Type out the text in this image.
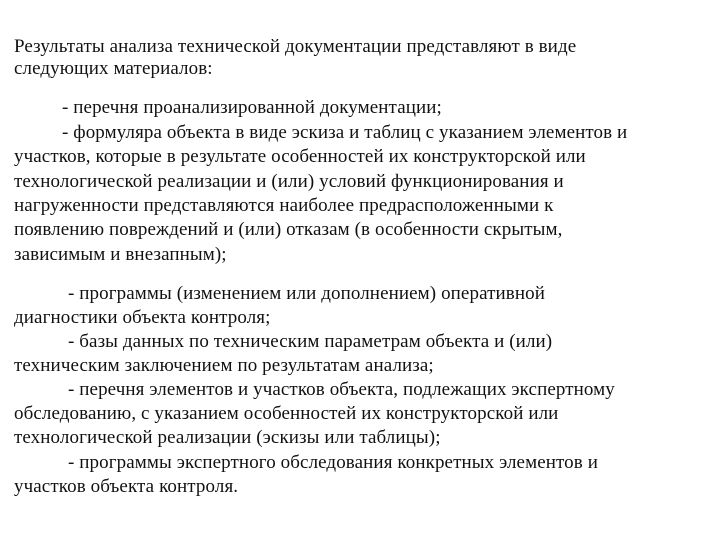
Результаты анализа технической документации представляют в виде
следующих материалов:
- перечня проанализированной документации;
- формуляра объекта в виде эскиза и таблиц с указанием элементов и
участков, которые в результате особенностей их конструкторской или
технологической реализации и (или) условий функционирования и
нагруженности представляются наиболее предрасположенными к
появлению повреждений и (или) отказам (в особенности скрытым,
зависимым и внезапным);
- программы (изменением или дополнением) оперативной
диагностики объекта контроля;
- базы данных по техническим параметрам объекта и (или)
техническим заключением по результатам анализа;
- перечня элементов и участков объекта, подлежащих экспертному
обследованию, с указанием особенностей их конструкторской или
технологической реализации (эскизы или таблицы);
- программы экспертного обследования конкретных элементов и
участков объекта контроля.
